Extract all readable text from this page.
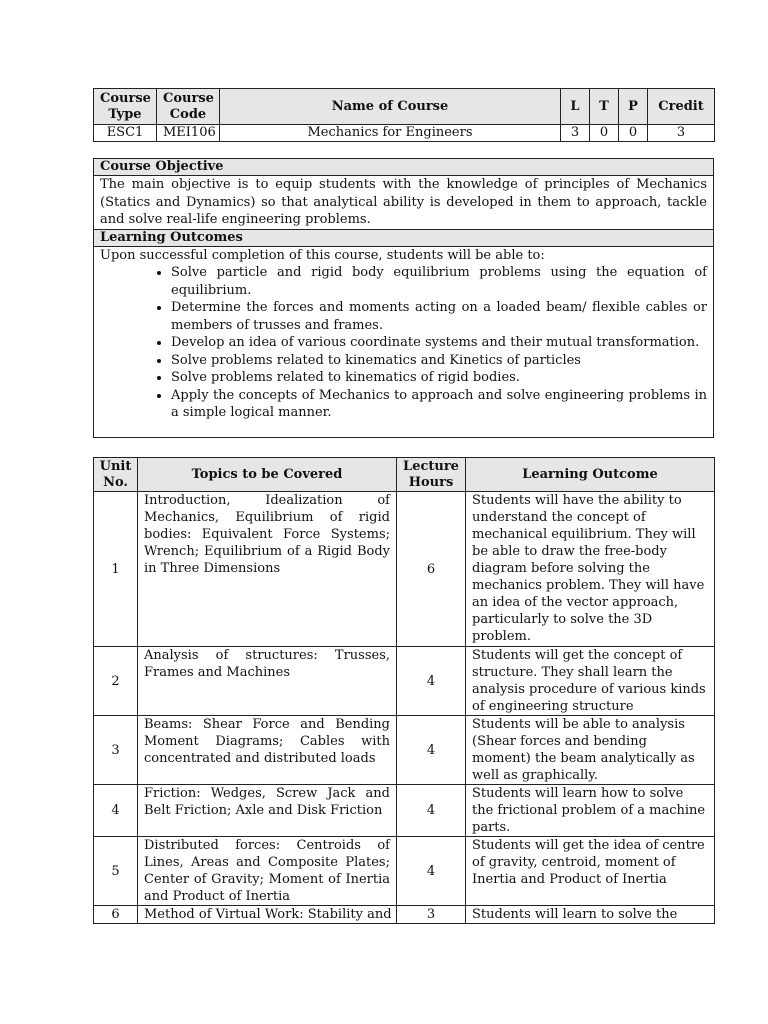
Course Type	Course Code	Name of Course	L	T	P	Credit
ESC1	MEI106	Mechanics for Engineers	3	0	0	3
Course Objective
The main objective is to equip students with the knowledge of principles of Mechanics (Statics and Dynamics) so that analytical ability is developed in them to approach, tackle and solve real-life engineering problems.
Learning Outcomes

Upon successful completion of this course, students will be able to:
• Solve particle and rigid body equilibrium problems using the equation of equilibrium.
• Determine the forces and moments acting on a loaded beam/ flexible cables or members of trusses and frames.
• Develop an idea of various coordinate systems and their mutual transformation.
• Solve problems related to kinematics and Kinetics of particles
• Solve problems related to kinematics of rigid bodies.
• Apply the concepts of Mechanics to approach and solve engineering problems in a simple logical manner.
Unit No.	Topics to be Covered	Lecture Hours	Learning Outcome
1	Introduction, Idealization of Mechanics, Equilibrium of rigid bodies: Equivalent Force Systems; Wrench; Equilibrium of a Rigid Body in Three Dimensions	6	Students will have the ability to understand the concept of mechanical equilibrium. They will be able to draw the free-body diagram before solving the mechanics problem. They will have an idea of the vector approach, particularly to solve the 3D problem.
2	Analysis of structures: Trusses, Frames and Machines	4	Students will get the concept of structure. They shall learn the analysis procedure of various kinds of engineering structure
3	Beams: Shear Force and Bending Moment Diagrams; Cables with concentrated and distributed loads	4	Students will be able to analysis (Shear forces and bending moment) the beam analytically as well as graphically.
4	Friction: Wedges, Screw Jack and Belt Friction; Axle and Disk Friction	4	Students will learn how to solve the frictional problem of a machine parts.
5	Distributed forces: Centroids of Lines, Areas and Composite Plates; Center of Gravity; Moment of Inertia and Product of Inertia	4	Students will get the idea of centre of gravity, centroid, moment of Inertia and Product of Inertia
6	Method of Virtual Work: Stability and	3	Students will learn to solve the
